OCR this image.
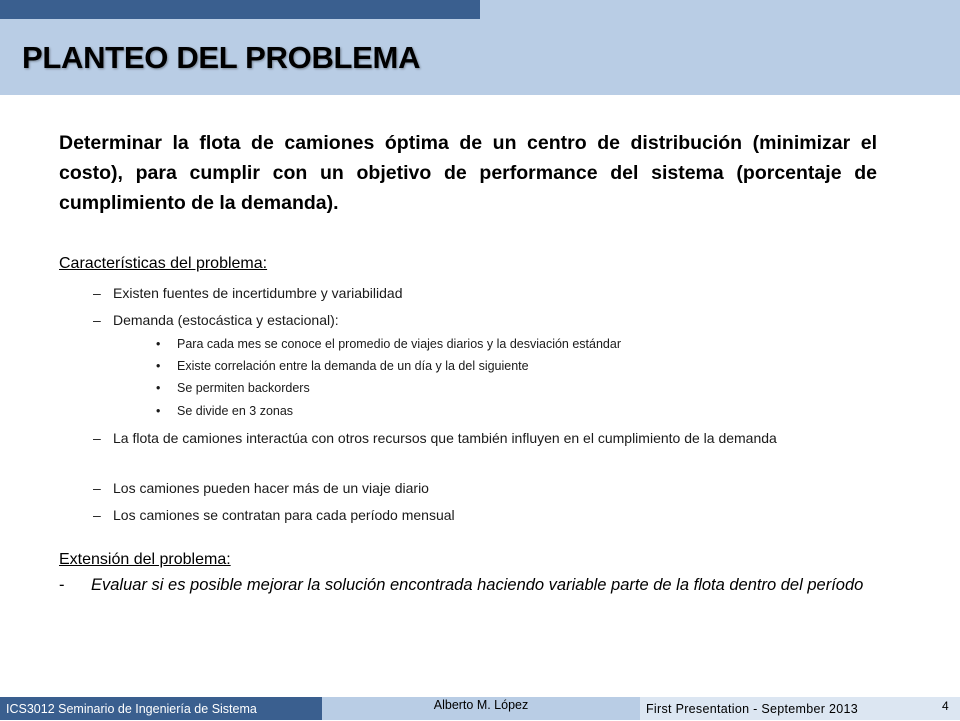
PLANTEO DEL PROBLEMA
Determinar la flota de camiones óptima de un centro de distribución (minimizar el costo), para cumplir con un objetivo de performance del sistema (porcentaje de cumplimiento de la demanda).
Características del problema:
– Existen fuentes de incertidumbre y variabilidad
– Demanda (estocástica y estacional):
• Para cada mes se conoce el promedio de viajes diarios y la desviación estándar
• Existe correlación entre la demanda de un día y la del siguiente
• Se permiten backorders
• Se divide en 3 zonas
– La flota de camiones interactúa con otros recursos que también influyen en el cumplimiento de la demanda
– Los camiones pueden hacer más de un viaje diario
– Los camiones se contratan para cada período mensual
Extensión del problema:
- Evaluar si es posible mejorar la solución encontrada haciendo variable parte de la flota dentro del período
ICS3012 Seminario de Ingeniería de Sistema	Alberto M. López	First Presentation - September 2013	4
